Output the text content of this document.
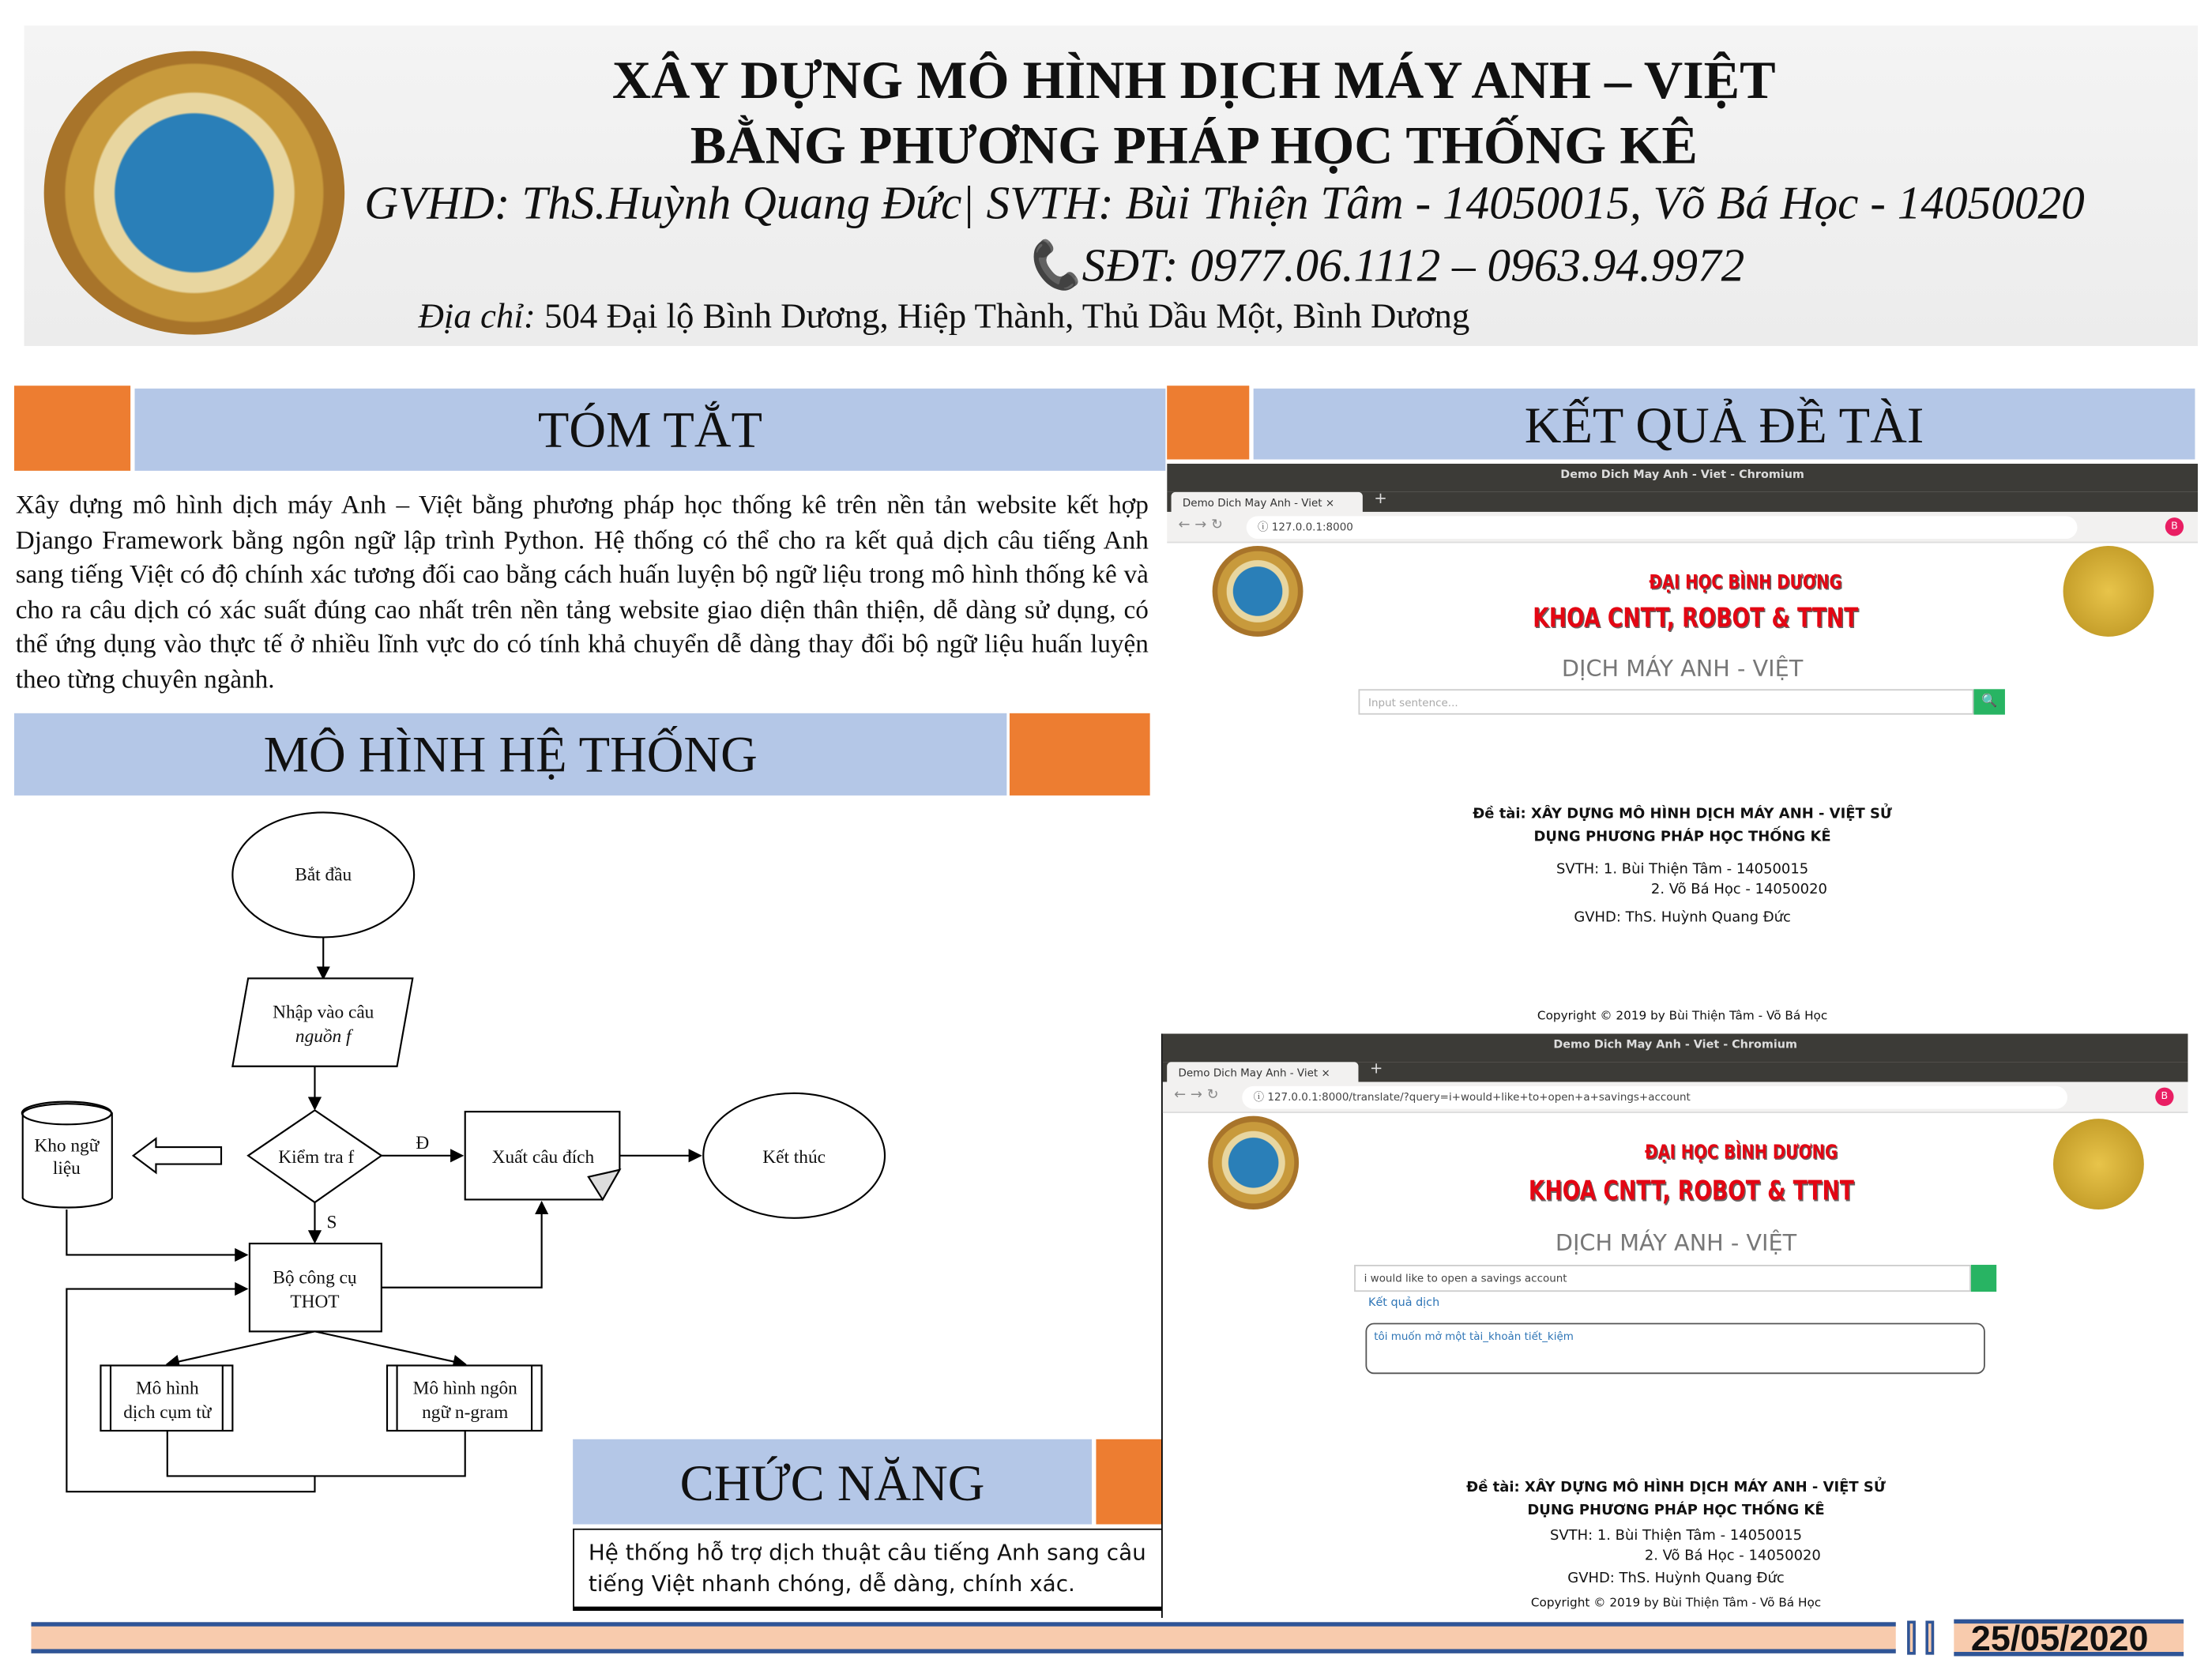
XÂY DỰNG MÔ HÌNH DỊCH MÁY ANH – VIỆT
BẰNG PHƯƠNG PHÁP HỌC THỐNG KÊ
GVHD: ThS.Huỳnh Quang Đức| SVTH: Bùi Thiện Tâm - 14050015, Võ Bá Học - 14050020
📞SĐT: 0977.06.1112 – 0963.94.9972
Địa chỉ: 504 Đại lộ Bình Dương, Hiệp Thành, Thủ Dầu Một, Bình Dương
TÓM TẮT
Xây dựng mô hình dịch máy Anh – Việt bằng phương pháp học thống kê trên nền tản website kết hợp Django Framework bằng ngôn ngữ lập trình Python. Hệ thống có thể cho ra kết quả dịch câu tiếng Anh sang tiếng Việt có độ chính xác tương đối cao bằng cách huấn luyện bộ ngữ liệu trong mô hình thống kê và cho ra câu dịch có xác suất đúng cao nhất trên nền tảng website giao diện thân thiện, dễ dàng sử dụng, có thể ứng dụng vào thực tế ở nhiều lĩnh vực do có tính khả chuyển dễ dàng thay đổi bộ ngữ liệu huấn luyện theo từng chuyên ngành.
MÔ HÌNH HỆ THỐNG
Bắt đầu
Nhập vào câu
nguồn f
Kiểm tra f
Đ
S
Xuất câu đích	Kết thúc
Kho ngữ
liệu
Bộ công cụ
THOT
Mô hình
dịch cụm từ
Mô hình ngôn
ngữ n-gram
CHỨC NĂNG
Hệ thống hỗ trợ dịch thuật câu tiếng Anh sang câu tiếng Việt nhanh chóng, dễ dàng, chính xác.
KẾT QUẢ ĐỀ TÀI
Demo Dich May Anh - Viet - Chromium
Demo Dich May Anh - Viet ×	+
← → ↻	ⓘ 127.0.0.1:8000	B
ĐẠI HỌC BÌNH DƯƠNG
KHOA CNTT, ROBOT & TTNT
DỊCH MÁY ANH - VIỆT
Input sentence...	🔍
Đề tài: XÂY DỰNG MÔ HÌNH DỊCH MÁY ANH - VIỆT SỬ
DỤNG PHƯƠNG PHÁP HỌC THỐNG KÊ
SVTH: 1. Bùi Thiện Tâm - 14050015
2. Võ Bá Học - 14050020
GVHD: ThS. Huỳnh Quang Đức
Copyright © 2019 by Bùi Thiện Tâm - Võ Bá Học
Demo Dich May Anh - Viet - Chromium
Demo Dich May Anh - Viet ×	+
← → ↻	ⓘ 127.0.0.1:8000/translate/?query=i+would+like+to+open+a+savings+account	B
ĐẠI HỌC BÌNH DƯƠNG
KHOA CNTT, ROBOT & TTNT
DỊCH MÁY ANH - VIỆT
i would like to open a savings account
Kết quả dịch
tôi muốn mở một tài_khoản tiết_kiệm
Đề tài: XÂY DỰNG MÔ HÌNH DỊCH MÁY ANH - VIỆT SỬ
DỤNG PHƯƠNG PHÁP HỌC THỐNG KÊ
SVTH: 1. Bùi Thiện Tâm - 14050015
2. Võ Bá Học - 14050020
GVHD: ThS. Huỳnh Quang Đức
Copyright © 2019 by Bùi Thiện Tâm - Võ Bá Học
25/05/2020
